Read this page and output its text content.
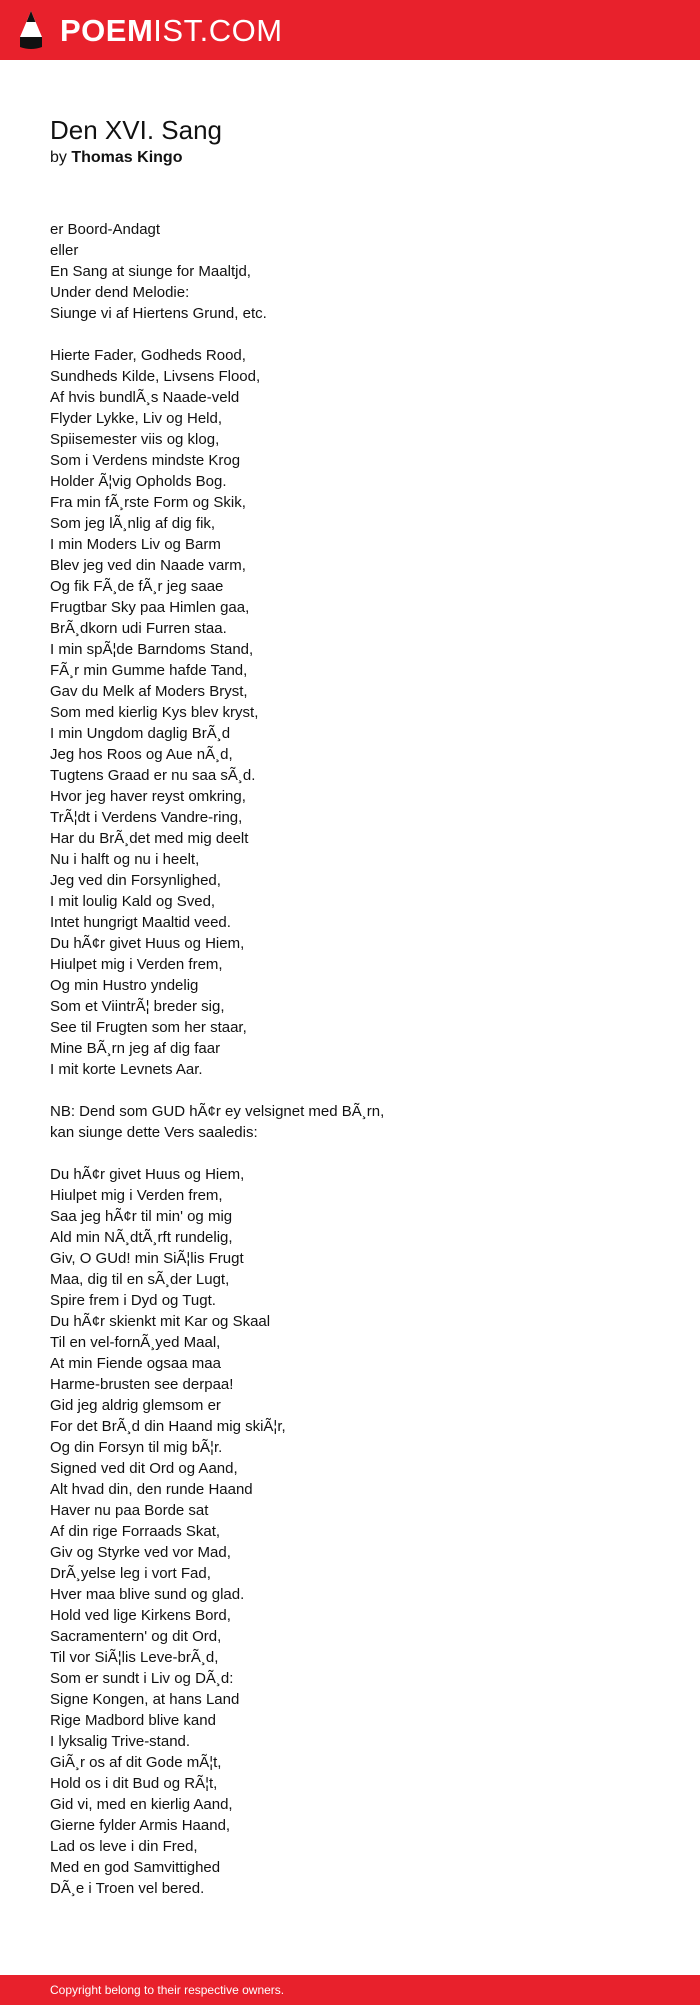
POEMIST.COM
Den XVI. Sang
by Thomas Kingo
er Boord-Andagt
eller
En Sang at siunge for Maaltjd,
Under dend Melodie:
Siunge vi af Hiertens Grund, etc.
Hierte Fader, Godheds Rood,
Sundheds Kilde, Livsens Flood,
Af hvis bundlÃ¸s Naade-veld
Flyder Lykke, Liv og Held,
Spiisemester viis og klog,
Som i Verdens mindste Krog
Holder Ã¦vig Opholds Bog.
Fra min fÃ¸rste Form og Skik,
Som jeg lÃ¸nlig af dig fik,
I min Moders Liv og Barm
Blev jeg ved din Naade varm,
Og fik FÃ¸de fÃ¸r jeg saae
Frugtbar Sky paa Himlen gaa,
BrÃ¸dkorn udi Furren staa.
I min spÃ¦de Barndoms Stand,
FÃ¸r min Gumme hafde Tand,
Gav du Melk af Moders Bryst,
Som med kierlig Kys blev kryst,
I min Ungdom daglig BrÃ¸d
Jeg hos Roos og Aue nÃ¸d,
Tugtens Graad er nu saa sÃ¸d.
Hvor jeg haver reyst omkring,
TrÃ¦dt i Verdens Vandre-ring,
Har du BrÃ¸det med mig deelt
Nu i halft og nu i heelt,
Jeg ved din Forsynlighed,
I mit loulig Kald og Sved,
Intet hungrigt Maaltid veed.
Du hÃ¢r givet Huus og Hiem,
Hiulpet mig i Verden frem,
Og min Hustro yndelig
Som et ViintrÃ¦ breder sig,
See til Frugten som her staar,
Mine BÃ¸rn jeg af dig faar
I mit korte Levnets Aar.
NB: Dend som GUD hÃ¢r ey velsignet med BÃ¸rn,
kan siunge dette Vers saaledis:
Du hÃ¢r givet Huus og Hiem,
Hiulpet mig i Verden frem,
Saa jeg hÃ¢r til min' og mig
Ald min NÃ¸dtÃ¸rft rundelig,
Giv, O GUd! min SiÃ¦lis Frugt
Maa, dig til en sÃ¸der Lugt,
Spire frem i Dyd og Tugt.
Du hÃ¢r skienkt mit Kar og Skaal
Til en vel-fornÃ¸yed Maal,
At min Fiende ogsaa maa
Harme-brusten see derpaa!
Gid jeg aldrig glemsom er
For det BrÃ¸d din Haand mig skiÃ¦r,
Og din Forsyn til mig bÃ¦r.
Signed ved dit Ord og Aand,
Alt hvad din, den runde Haand
Haver nu paa Borde sat
Af din rige Forraads Skat,
Giv og Styrke ved vor Mad,
DrÃ¸yelse leg i vort Fad,
Hver maa blive sund og glad.
Hold ved lige Kirkens Bord,
Sacramentern' og dit Ord,
Til vor SiÃ¦lis Leve-brÃ¸d,
Som er sundt i Liv og DÃ¸d:
Signe Kongen, at hans Land
Rige Madbord blive kand
I lyksalig Trive-stand.
GiÃ¸r os af dit Gode mÃ¦t,
Hold os i dit Bud og RÃ¦t,
Gid vi, med en kierlig Aand,
Gierne fylder Armis Haand,
Lad os leve i din Fred,
Med en god Samvittighed
DÃ¸e i Troen vel bered.
Copyright belong to their respective owners.
